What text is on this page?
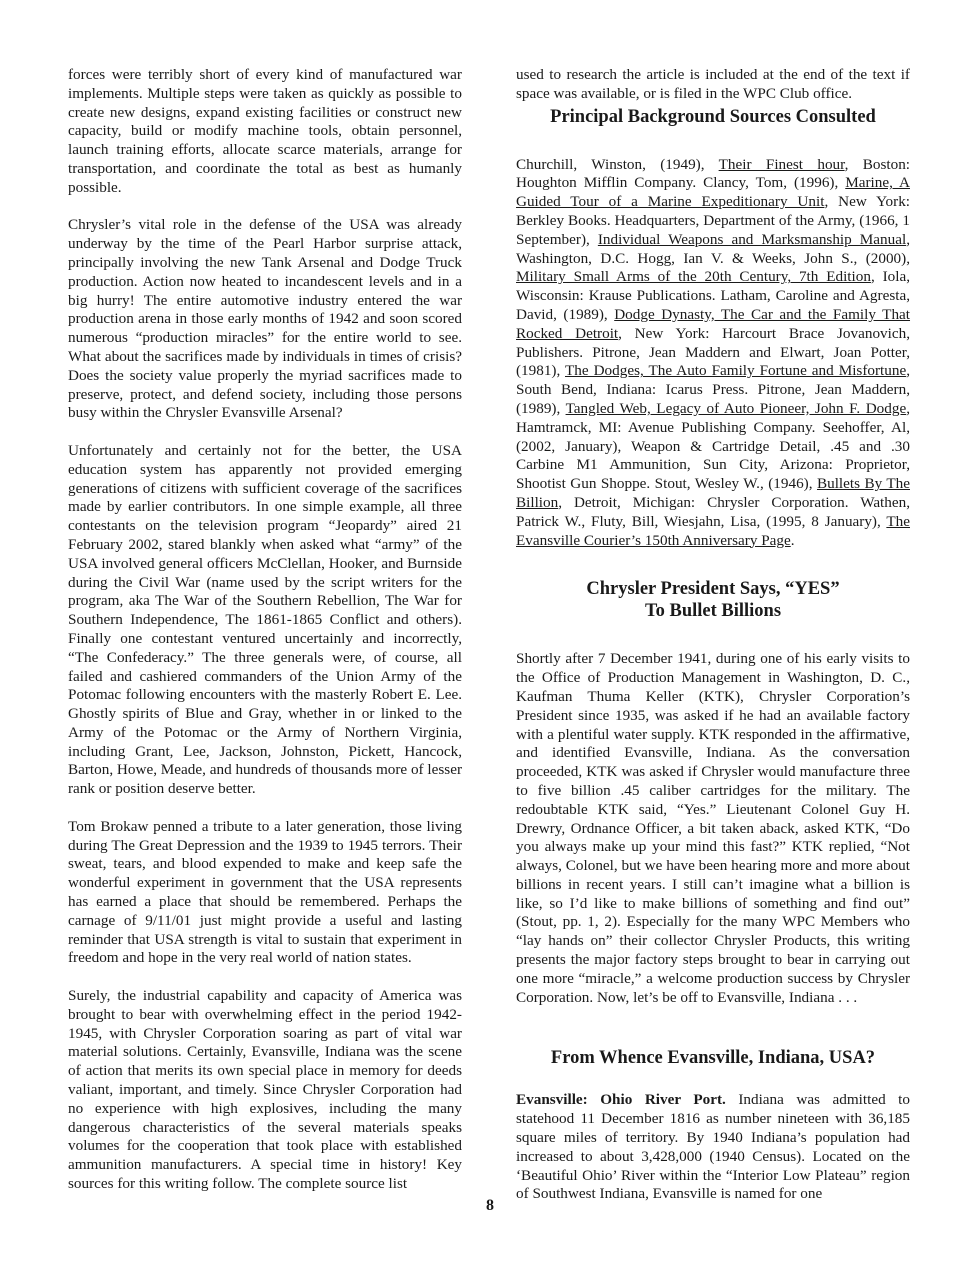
forces were terribly short of every kind of manufactured war implements. Multiple steps were taken as quickly as possible to create new designs, expand existing facilities or construct new capacity, build or modify machine tools, obtain personnel, launch training efforts, allocate scarce materials, arrange for transportation, and coordinate the total as best as humanly possible.

Chrysler’s vital role in the defense of the USA was already underway by the time of the Pearl Harbor surprise attack, principally involving the new Tank Arsenal and Dodge Truck production. Action now heated to incandescent levels and in a big hurry! The entire automotive industry entered the war production arena in those early months of 1942 and soon scored numerous “production miracles” for the entire world to see. What about the sacrifices made by individuals in times of crisis? Does the society value properly the myriad sacrifices made to preserve, protect, and defend society, including those persons busy within the Chrysler Evansville Arsenal?

Unfortunately and certainly not for the better, the USA education system has apparently not provided emerging generations of citizens with sufficient coverage of the sacrifices made by earlier contributors. In one simple example, all three contestants on the television program “Jeopardy” aired 21 February 2002, stared blankly when asked what “army” of the USA involved general officers McClellan, Hooker, and Burnside during the Civil War (name used by the script writers for the program, aka The War of the Southern Rebellion, The War for Southern Independence, The 1861-1865 Conflict and others). Finally one contestant ventured uncertainly and incorrectly, “The Confederacy.” The three generals were, of course, all failed and cashiered commanders of the Union Army of the Potomac following encounters with the masterly Robert E. Lee. Ghostly spirits of Blue and Gray, whether in or linked to the Army of the Potomac or the Army of Northern Virginia, including Grant, Lee, Jackson, Johnston, Pickett, Hancock, Barton, Howe, Meade, and hundreds of thousands more of lesser rank or position deserve better.

Tom Brokaw penned a tribute to a later generation, those living during The Great Depression and the 1939 to 1945 terrors. Their sweat, tears, and blood expended to make and keep safe the wonderful experiment in government that the USA represents has earned a place that should be remembered. Perhaps the carnage of 9/11/01 just might provide a useful and lasting reminder that USA strength is vital to sustain that experiment in freedom and hope in the very real world of nation states.

Surely, the industrial capability and capacity of America was brought to bear with overwhelming effect in the period 1942-1945, with Chrysler Corporation soaring as part of vital war material solutions. Certainly, Evansville, Indiana was the scene of action that merits its own special place in memory for deeds valiant, important, and timely. Since Chrysler Corporation had no experience with high explosives, including the many dangerous characteristics of the several materials speaks volumes for the cooperation that took place with established ammunition manufacturers. A special time in history! Key sources for this writing follow. The complete source list

used to research the article is included at the end of the text if space was available, or is filed in the WPC Club office.

Principal Background Sources Consulted

Churchill, Winston, (1949), Their Finest hour, Boston: Houghton Mifflin Company. Clancy, Tom, (1996), Marine, A Guided Tour of a Marine Expeditionary Unit, New York: Berkley Books. Headquarters, Department of the Army, (1966, 1 September), Individual Weapons and Marksmanship Manual, Washington, D.C. Hogg, Ian V. & Weeks, John S., (2000), Military Small Arms of the 20th Century, 7th Edition, Iola, Wisconsin: Krause Publications. Latham, Caroline and Agresta, David, (1989), Dodge Dynasty, The Car and the Family That Rocked Detroit, New York: Harcourt Brace Jovanovich, Publishers. Pitrone, Jean Maddern and Elwart, Joan Potter, (1981), The Dodges, The Auto Family Fortune and Misfortune, South Bend, Indiana: Icarus Press. Pitrone, Jean Maddern, (1989), Tangled Web, Legacy of Auto Pioneer, John F. Dodge, Hamtramck, MI: Avenue Publishing Company. Seehoffer, Al, (2002, January), Weapon & Cartridge Detail, .45 and .30 Carbine M1 Ammunition, Sun City, Arizona: Proprietor, Shootist Gun Shoppe. Stout, Wesley W., (1946), Bullets By The Billion, Detroit, Michigan: Chrysler Corporation. Wathen, Patrick W., Fluty, Bill, Wiesjahn, Lisa, (1995, 8 January), The Evansville Courier’s 150th Anniversary Page.

Chrysler President Says, “YES”
To Bullet Billions

Shortly after 7 December 1941, during one of his early visits to the Office of Production Management in Washington, D. C., Kaufman Thuma Keller (KTK), Chrysler Corporation’s President since 1935, was asked if he had an available factory with a plentiful water supply. KTK responded in the affirmative, and identified Evansville, Indiana. As the conversation proceeded, KTK was asked if Chrysler would manufacture three to five billion .45 caliber cartridges for the military. The redoubtable KTK said, “Yes.” Lieutenant Colonel Guy H. Drewry, Ordnance Officer, a bit taken aback, asked KTK, “Do you always make up your mind this fast?” KTK replied, “Not always, Colonel, but we have been hearing more and more about billions in recent years. I still can’t imagine what a billion is like, so I’d like to make billions of something and find out” (Stout, pp. 1, 2). Especially for the many WPC Members who “lay hands on” their collector Chrysler Products, this writing presents the major factory steps brought to bear in carrying out one more “miracle,” a welcome production success by Chrysler Corporation. Now, let’s be off to Evansville, Indiana . . .

From Whence Evansville, Indiana, USA?

Evansville: Ohio River Port. Indiana was admitted to statehood 11 December 1816 as number nineteen with 36,185 square miles of territory. By 1940 Indiana’s population had increased to about 3,428,000 (1940 Census). Located on the ‘Beautiful Ohio’ River within the “Interior Low Plateau” region of Southwest Indiana, Evansville is named for one

8
